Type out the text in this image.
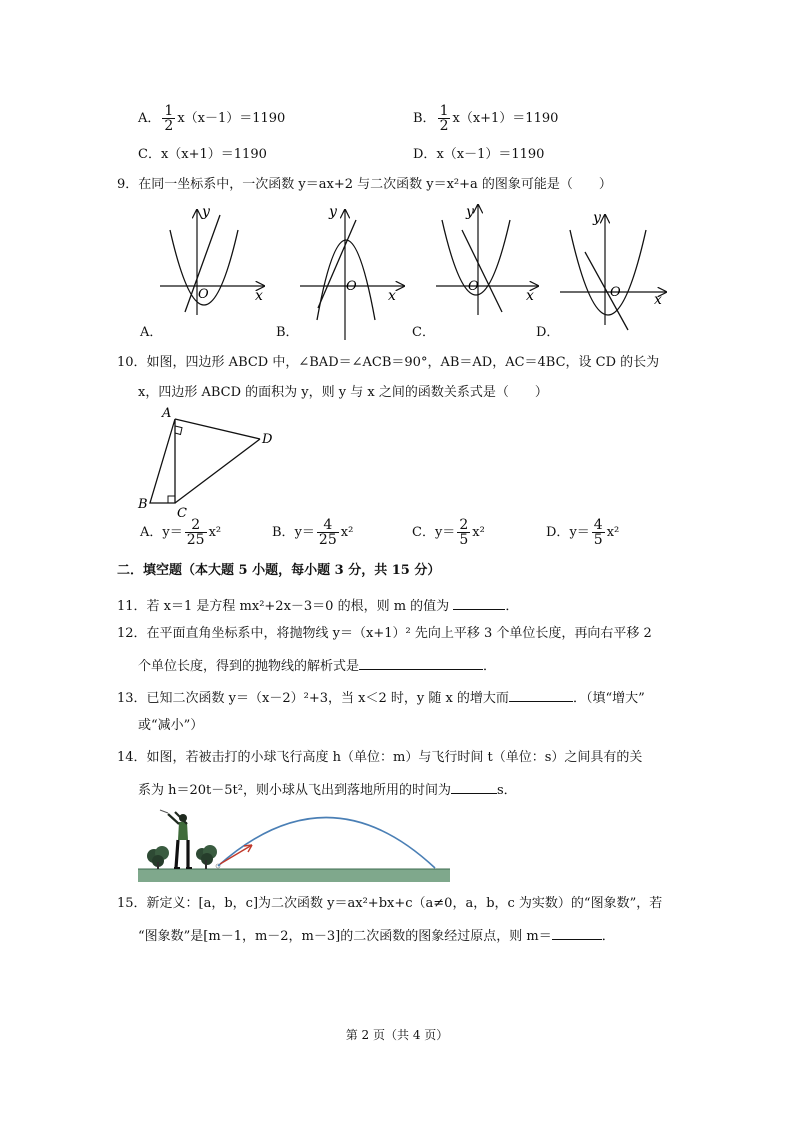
A． $\frac{1}{2} x(x-1)=1190$	B． $\frac{1}{2} x(x+1)=1190$
C．x（x+1）＝1190	D．x（x－1）＝1190
9．在同一坐标系中，一次函数 y＝ax+2 与二次函数 y＝x²+a 的图象可能是（　　）
y
x
O
y
x
O
y
x
O
y
x
O
A．	B．	C．	D．
10．如图，四边形 ABCD 中，∠BAD＝∠ACB＝90°，AB＝AD，AC＝4BC，设 CD 的长为
x，四边形 ABCD 的面积为 y，则 y 与 x 之间的函数关系式是（　　）
A
B
C
D
A．$y= \frac{2}{25} x^2$	B．$y= \frac{4}{25} x^2$	C．$y= \frac{2}{5} x^2$	D．$y= \frac{4}{5} x^2$
二．填空题（本大题 5 小题，每小题 3 分，共 15 分）
11．若 x＝1 是方程 mx²+2x－3＝0 的根，则 m 的值为	．
12．在平面直角坐标系中，将抛物线 y＝（x+1）² 先向上平移 3 个单位长度，再向右平移 2
个单位长度，得到的抛物线的解析式是	．
13．已知二次函数 y＝（x－2）²+3，当 x＜2 时，y 随 x 的增大而	．（填“增大”
或“减小”）
14．如图，若被击打的小球飞行高度 h（单位：m）与飞行时间 t（单位：s）之间具有的关
系为 h＝20t－5t²，则小球从飞出到落地所用的时间为	s．
15．新定义：[a，b，c]为二次函数 y＝ax²+bx+c（a≠0，a，b，c 为实数）的“图象数”，若
“图象数”是[m－1，m－2，m－3]的二次函数的图象经过原点，则 m＝	．
第 2 页（共 4 页）
